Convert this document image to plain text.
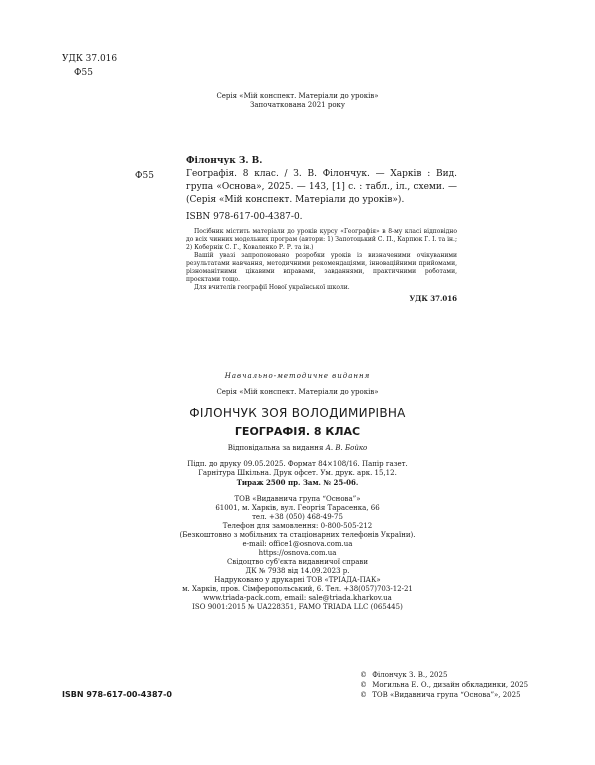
УДК 37.016
Ф55
Серія «Мій конспект. Матеріали до уроків»
Започаткована 2021 року
Ф55
Філончук З. В.
Географія. 8 клас. / З. В. Філончук. — Харків : Вид. група «Основа», 2025. — 143, [1] с. : табл., іл., схеми. — (Серія «Мій конспект. Матеріали до уроків»).
ISBN 978-617-00-4387-0.

Посібник містить матеріали до уроків курсу «Географія» в 8-му класі відповідно до всіх чинних модельних програм (автори: 1) Запотоцький С. П., Карпюк Г. І. та ін.; 2) Кобернік С. Г., Коваленко Р. Р. та ін.)

Вашій увазі запропоновано розробки уроків із визначеними очікуваними результатами навчання, методичними рекомендаціями, інноваційними прийомами, різноманітними цікавими вправами, завданнями, практичними роботами, проєктами тощо.

Для вчителів географії Нової української школи.

УДК 37.016
Навчально-методичне видання
Серія «Мій конспект. Матеріали до уроків»
ФІЛОНЧУК ЗОЯ ВОЛОДИМИРІВНА
ГЕОГРАФІЯ. 8 КЛАС
Відповідальна за видання А. В. Бойко
Підп. до друку 09.05.2025. Формат 84×108/16. Папір газет.
Гарнітура Шкільна. Друк офсет. Ум. друк. арк. 15,12.
Тираж 2500 пр. Зам. № 25-06.
ТОВ «Видавнича група “Основа”»
61001, м. Харків, вул. Георгія Тарасенка, 66
тел. +38 (050) 468-49-75
Телефон для замовлення: 0-800-505-212
(Безкоштовно з мобільних та стаціонарних телефонів України).
e-mail: office1@osnova.com.ua
https://osnova.com.ua
Свідоцтво суб'єкта видавничої справи
ДК № 7938 від 14.09.2023 р.
Надруковано у друкарні ТОВ «ТРІАДА-ПАК»
м. Харків, пров. Сімферопольський, 6. Тел. +38(057)703-12-21
www.triada-pack.com, email: sale@triada.kharkov.ua
ISO 9001:2015 № UA228351, FAMO TRIADA LLC (065445)
ISBN 978-617-00-4387-0
© Філончук З. В., 2025
© Могильна Е. О., дизайн обкладинки, 2025
© ТОВ «Видавнича група “Основа”», 2025
